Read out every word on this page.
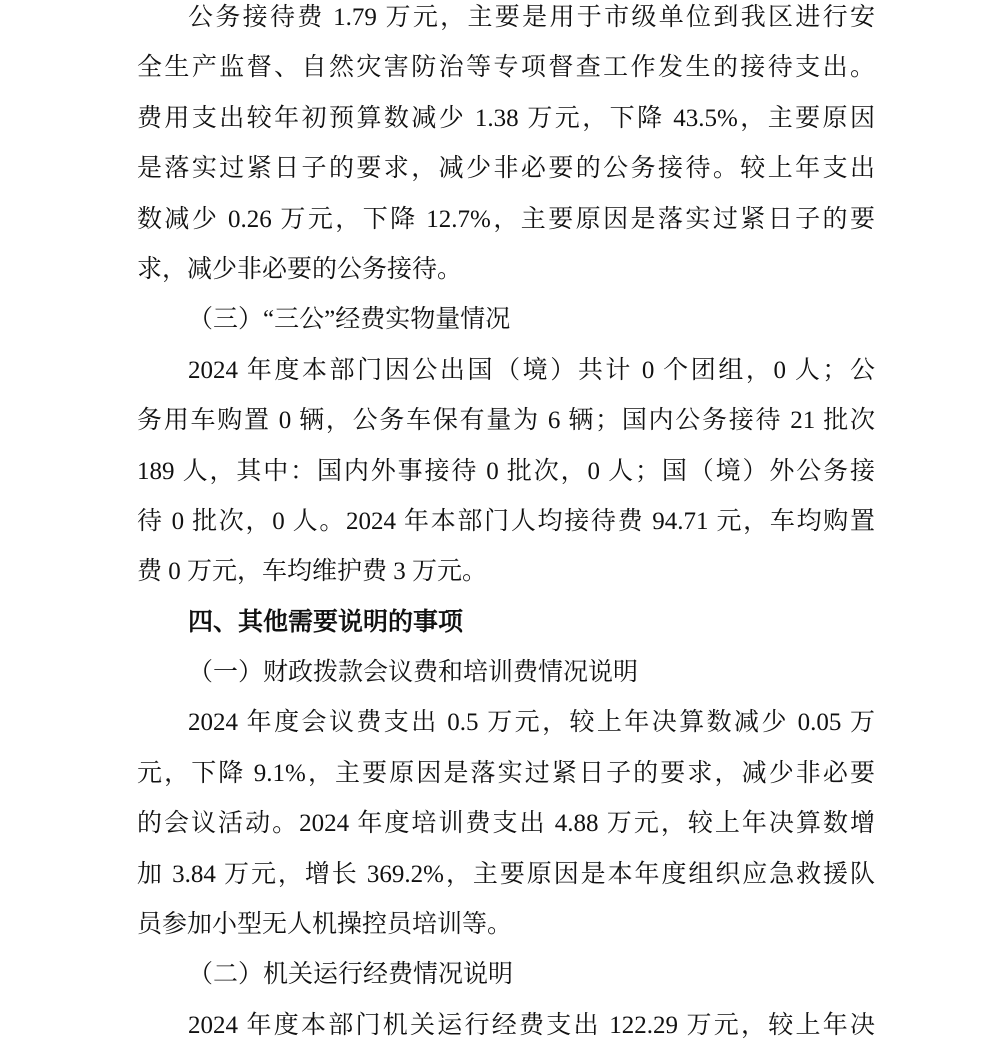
公务接待费 1.79 万元，主要是用于市级单位到我区进行安
全生产监督、自然灾害防治等专项督查工作发生的接待支出。
费用支出较年初预算数减少 1.38 万元，下降 43.5%，主要原因
是落实过紧日子的要求，减少非必要的公务接待。较上年支出
数减少 0.26 万元，下降 12.7%，主要原因是落实过紧日子的要
求，减少非必要的公务接待。
（三）“三公”经费实物量情况
2024 年度本部门因公出国（境）共计 0 个团组，0 人；公
务用车购置 0 辆，公务车保有量为 6 辆；国内公务接待 21 批次
189 人，其中：国内外事接待 0 批次，0 人；国（境）外公务接
待 0 批次，0 人。2024 年本部门人均接待费 94.71 元，车均购置
费 0 万元，车均维护费 3 万元。
四、其他需要说明的事项
（一）财政拨款会议费和培训费情况说明
2024 年度会议费支出 0.5 万元，较上年决算数减少 0.05 万
元，下降 9.1%，主要原因是落实过紧日子的要求，减少非必要
的会议活动。2024 年度培训费支出 4.88 万元，较上年决算数增
加 3.84 万元，增长 369.2%，主要原因是本年度组织应急救援队
员参加小型无人机操控员培训等。
（二）机关运行经费情况说明
2024 年度本部门机关运行经费支出 122.29 万元，较上年决
